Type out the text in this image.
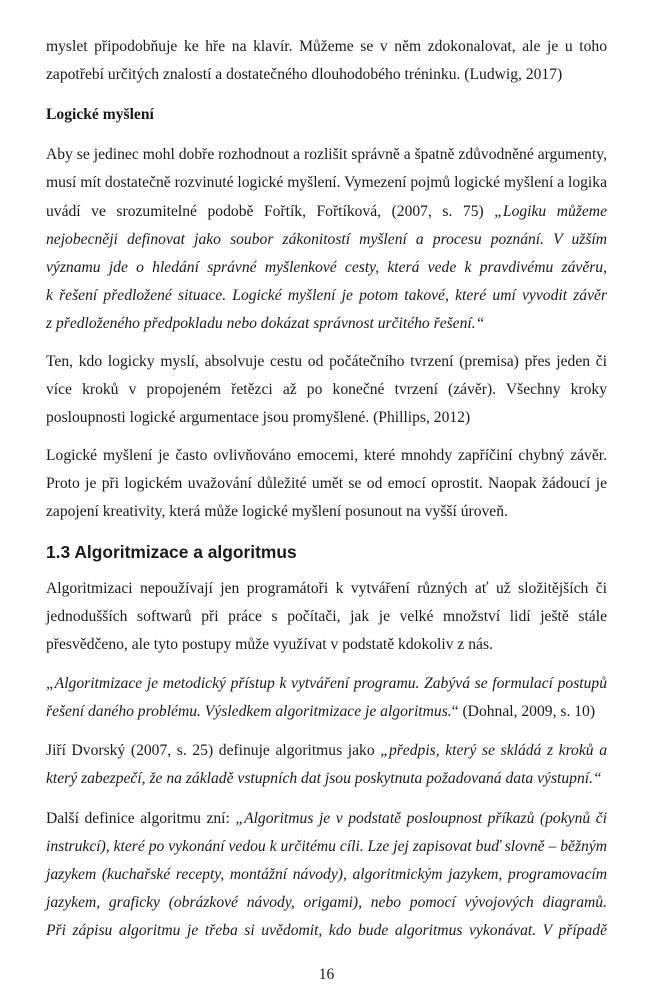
myslet připodobňuje ke hře na klavír. Můžeme se v něm zdokonalovat, ale je u toho
zapotřebí určitých znalostí a dostatečného dlouhodobého tréninku. (Ludwig, 2017)
Logické myšlení
Aby se jedinec mohl dobře rozhodnout a rozlišit správně a špatně zdůvodněné argumenty,
musí mít dostatečně rozvinuté logické myšlení. Vymezení pojmů logické myšlení a logika
uvádí ve srozumitelné podobě Fořtík, Fořtíková, (2007, s. 75) „Logiku můžeme
nejobecněji definovat jako soubor zákonitostí myšlení a procesu poznání. V užším
významu jde o hledání správné myšlenkové cesty, která vede k pravdivému závěru,
k řešení předložené situace. Logické myšlení je potom takové, které umí vyvodit závěr
z předloženého předpokladu nebo dokázat správnost určitého řešení.“
Ten, kdo logicky myslí, absolvuje cestu od počátečního tvrzení (premisa) přes jeden či
více kroků v propojeném řetězci až po konečné tvrzení (závěr). Všechny kroky
posloupnosti logické argumentace jsou promyšlené. (Phillips, 2012)
Logické myšlení je často ovlivňováno emocemi, které mnohdy zapříčiní chybný závěr.
Proto je při logickém uvažování důležité umět se od emocí oprostit. Naopak žádoucí je
zapojení kreativity, která může logické myšlení posunout na vyšší úroveň.
1.3 Algoritmizace a algoritmus
Algoritmizaci nepoužívají jen programátoři k vytváření různých ať už složitějších či
jednodušších softwarů při práce s počítači, jak je velké množství lidí ještě stále
přesvědčeno, ale tyto postupy může využívat v podstatě kdokoliv z nás.
„Algoritmizace je metodický přístup k vytváření programu. Zabývá se formulací postupů
řešení daného problému. Výsledkem algoritmizace je algoritmus.“ (Dohnal, 2009, s. 10)
Jiří Dvorský (2007, s. 25) definuje algoritmus jako „předpis, který se skládá z kroků a
který zabezpečí, že na základě vstupních dat jsou poskytnuta požadovaná data výstupní.“
Další definice algoritmu zní: „Algoritmus je v podstatě posloupnost příkazů (pokynů či
instrukcí), které po vykonání vedou k určitému cíli. Lze jej zapisovat buď slovně – běžným
jazykem (kuchařské recepty, montážní návody), algoritmickým jazykem, programovacím
jazykem, graficky (obrázkové návody, origami), nebo pomocí vývojových diagramů.
Při zápisu algoritmu je třeba si uvědomit, kdo bude algoritmus vykonávat. V případě
16
